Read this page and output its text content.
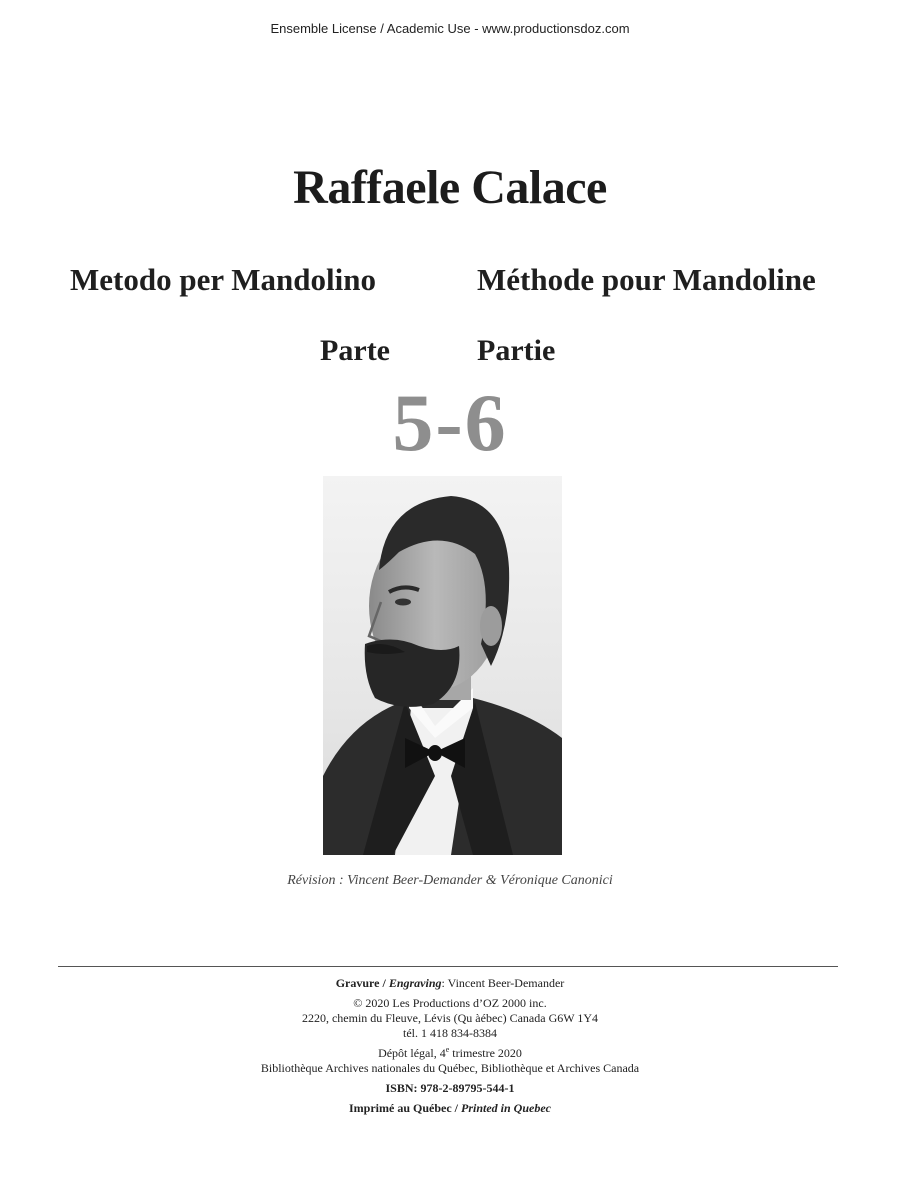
Ensemble License / Academic Use - www.productionsdoz.com
Raffaele Calace
Metodo per Mandolino	Méthode pour Mandoline
Parte	Partie
5-6
Révision : Vincent Beer-Demander & Véronique Canonici
Gravure / Engraving: Vincent Beer-Demander
© 2020 Les Productions d’OZ 2000 inc.
2220, chemin du Fleuve, Lévis (Qu àébec) Canada G6W 1Y4
tél. 1 418 834-8384
Dépôt légal, 4e trimestre 2020
Bibliothèque Archives nationales du Québec, Bibliothèque et Archives Canada
ISBN: 978-2-89795-544-1
Imprimé au Québec / Printed in Quebec
